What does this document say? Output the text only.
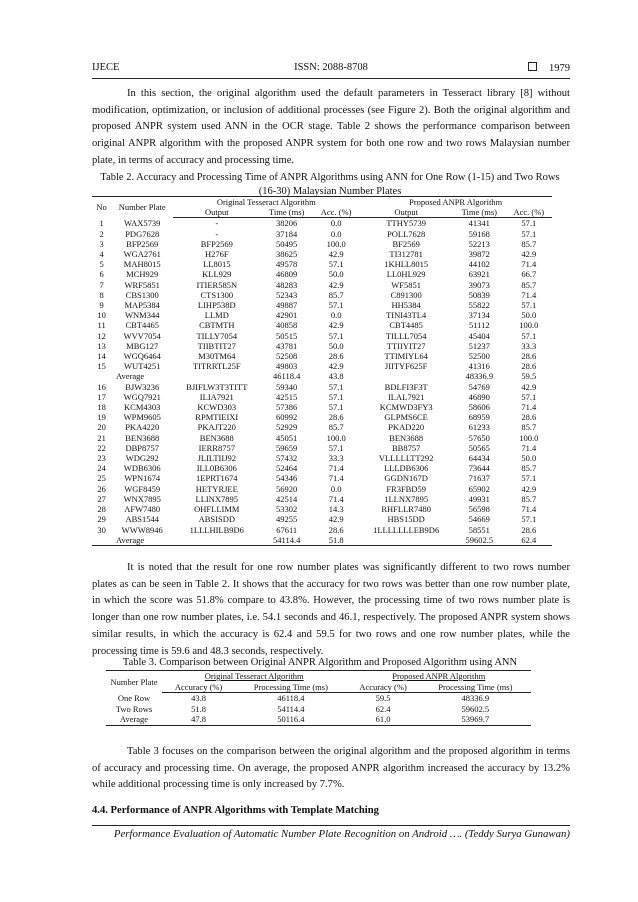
IJECE	ISSN: 2088-8708	1979

In this section, the original algorithm used the default parameters in Tesseract library [8] without modification, optimization, or inclusion of additional processes (see Figure 2). Both the original algorithm and proposed ANPR system used ANN in the OCR stage. Table 2 shows the performance comparison between original ANPR algorithm with the proposed ANPR system for both one row and two rows Malaysian number plate, in terms of accuracy and processing time.

Table 2. Accuracy and Processing Time of ANPR Algorithms using ANN for One Row (1-15) and Two Rows (16-30) Malaysian Number Plates

No	Number Plate	Original Tesseract Algorithm			Proposed ANPR Algorithm		
		Output	Time (ms)	Acc. (%)	Output	Time (ms)	Acc. (%)
1	WAX5739	-	38206	0.0	TTHY5739	41341	57.1
2	PDG7628	-	37184	0.0	POLL7628	59168	57.1
3	BFP2569	BFP2569	50495	100.0	BF2569	52213	85.7
4	WGA2761	H276F	38625	42.9	TI312781	39872	42.9
5	MAH8015	LL8015	49578	57.1	1KHLL8015	44102	71.4
6	MCH929	KLL929	46809	50.0	LL0HL929	63921	66.7
7	WRF5851	ITIER585N	48283	42.9	WF5851	39073	85.7
8	CBS1300	CTS1300	52343	85.7	C891300	50839	71.4
9	MAP5384	LIHP538D	49887	57.1	HH5384	55822	57.1
10	WNM344	LLMD	42901	0.0	TINI43TL4	37134	50.0
11	CBT4465	CBTMTH	40858	42.9	CBT4485	51112	100.0
12	WVV7054	TILLY7054	50515	57.1	TILLL7054	45404	57.1
13	MBG127	TIIBTIT27	43781	50.0	TTIIYIT27	51237	33.3
14	WGQ6464	M30TM64	52508	28.6	TTIMIYL64	52500	28.6
15	WUT4251	TITRRTL25F	49803	42.9	JIITYF625F	41316	28.6
Average			46118.4	43.8		48336.9	59.5
16	BJW3236	BJIFLW3T3TITT	59340	57.1	BDLFI3F3T	54769	42.9
17	WGQ7921	ILIA7921	42515	57.1	ILAL7921	46890	57.1
18	KCM4303	KCWD303	57386	57.1	KCMWD3FY3	58606	71.4
19	WPM9605	RPMTIEIXI	60992	28.6	GLPMS6CE	68959	28.6
20	PKA4220	PKAJT220	52929	85.7	PKAD220	61233	85.7
21	BEN3688	BEN3688	45051	100.0	BEN3688	57650	100.0
22	DBP8757	IERR8757	59659	57.1	BB8757	50565	71.4
23	WDG292	JLILTIIJ92	57432	33.3	VLLLLLTT292	64434	50.0
24	WDB6306	ILL0B6306	52464	71.4	LLLDB6306	73644	85.7
25	WPN1674	1EPRT1674	54346	71.4	GGDN167D	71637	57.1
26	WGF8459	HETYRJEE	56920	0.0	FR3FBD59	65902	42.9
27	WNX7895	LLINX7895	42514	71.4	1LLNX7895	49931	85.7
28	AFW7480	OHFLLIMM	53302	14.3	RHFLLR7480	56598	71.4
29	ABS1544	ABSISDD	49255	42.9	HBS15DD	54669	57.1
30	WWW8946	1LLLHILB9D6	67611	28.6	1LLLLLLLEB9D6	58551	28.6
Average			54114.4	51.8		59602.5	62.4

It is noted that the result for one row number plates was significantly different to two rows number plates as can be seen in Table 2. It shows that the accuracy for two rows was better than one row number plate, in which the score was 51.8% compare to 43.8%. However, the processing time of two rows number plate is longer than one row number plates, i.e. 54.1 seconds and 46.1, respectively. The proposed ANPR system shows similar results, in which the accuracy is 62.4 and 59.5 for two rows and one row number plates, while the processing time is 59.6 and 48.3 seconds, respectively.

Table 3. Comparison between Original ANPR Algorithm and Proposed Algorithm using ANN

Number Plate	Original Tesseract Algorithm		Proposed ANPR Algorithm	
	Accuracy (%)	Processing Time (ms)	Accuracy (%)	Processing Time (ms)
One Row	43.8	46118.4	59.5	48336.9
Two Rows	51.8	54114.4	62.4	59602.5
Average	47.8	50116.4	61.0	53969.7

Table 3 focuses on the comparison between the original algorithm and the proposed algorithm in terms of accuracy and processing time. On average, the proposed ANPR algorithm increased the accuracy by 13.2% while additional processing time is only increased by 7.7%.

4.4. Performance of ANPR Algorithms with Template Matching
Performance Evaluation of Automatic Number Plate Recognition on Android …. (Teddy Surya Gunawan)
